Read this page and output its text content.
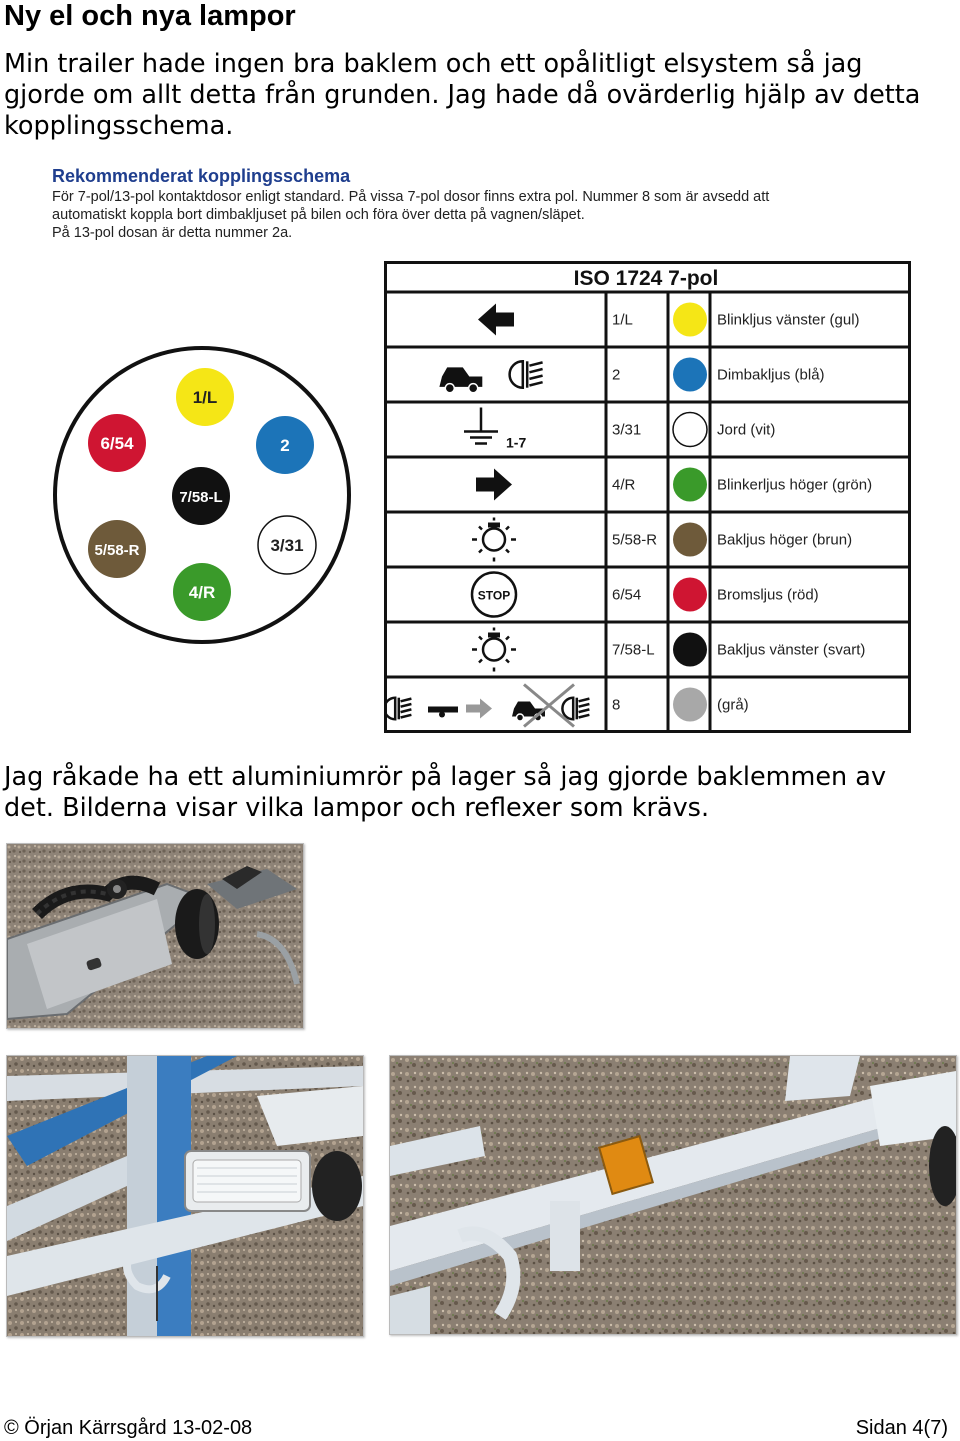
Ny el och nya lampor
Min trailer hade ingen bra baklem och ett opålitligt elsystem så jag
gjorde om allt detta från grunden. Jag hade då ovärderlig hjälp av detta
kopplingsschema.
Rekommenderat kopplingsschema
För 7-pol/13-pol kontaktdosor enligt standard. På vissa 7-pol dosor finns extra pol. Nummer 8 som är avsedd att
automatiskt koppla bort dimbakljuset på bilen och föra över detta på vagnen/släpet.
På 13-pol dosan är detta nummer 2a.
1/L
2
3/31
4/R
5/58-R
6/54
7/58-L
ISO 1724 7-pol
1/L	Blinkljus vänster (gul)
2	Dimbakljus (blå)
3/31	Jord (vit)
4/R	Blinkerljus höger (grön)
5/58-R	Bakljus höger (brun)
6/54	Bromsljus (röd)
7/58-L	Bakljus vänster (svart)
8	(grå)
1-7
STOP
Jag råkade ha ett aluminiumrör på lager så jag gjorde baklemmen av
det. Bilderna visar vilka lampor och reflexer som krävs.
© Örjan Kärrsgård 13-02-08	Sidan 4(7)
